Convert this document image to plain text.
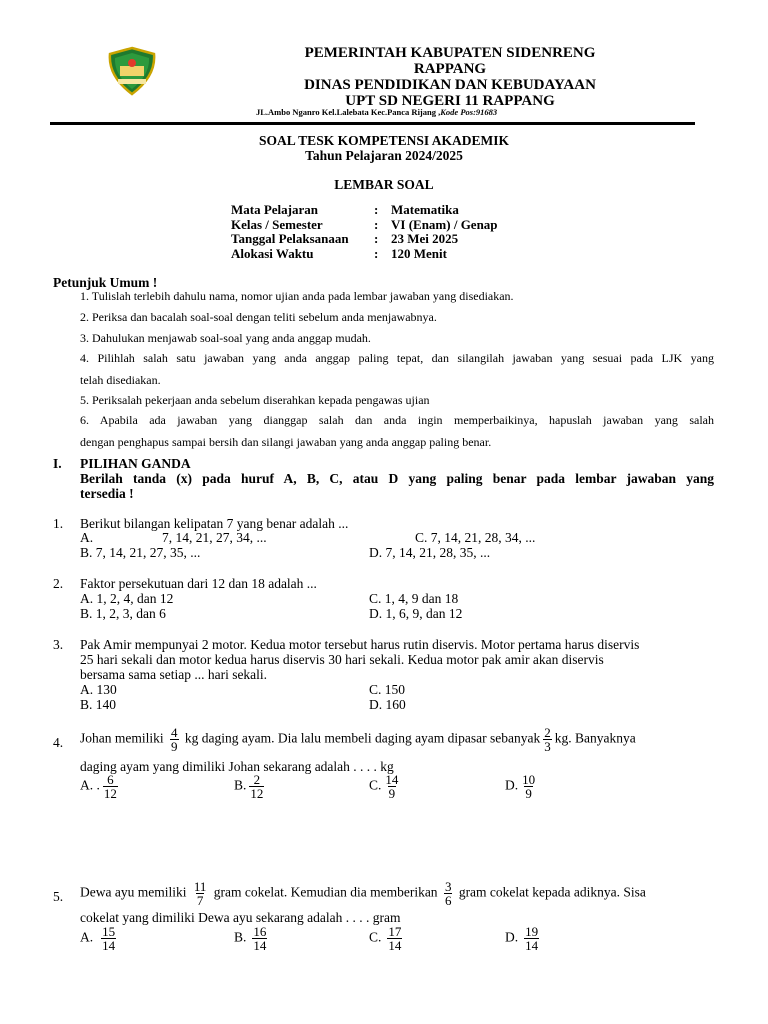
PEMERINTAH KABUPATEN SIDENRENG
RAPPANG
DINAS PENDIDIKAN DAN KEBUDAYAAN
UPT SD NEGERI 11 RAPPANG
JL.Ambo Nganro Kel.Lalebata Kec.Panca Rijang ,Kode Pos:91683
SOAL TESK KOMPETENSI AKADEMIK
Tahun Pelajaran 2024/2025
LEMBAR SOAL
Mata Pelajaran	:	Matematika
Kelas / Semester	:	VI (Enam) / Genap
Tanggal Pelaksanaan	:	23 Mei 2025
Alokasi Waktu	:	120 Menit
Petunjuk Umum !
1. Tulislah terlebih dahulu nama, nomor ujian anda pada lembar jawaban yang disediakan.
2. Periksa dan bacalah soal-soal dengan teliti sebelum anda menjawabnya.
3. Dahulukan menjawab soal-soal yang anda anggap mudah.
4. Pilihlah salah satu jawaban yang anda anggap paling tepat, dan silangilah jawaban yang sesuai pada LJK yang
telah disediakan.
5. Periksalah pekerjaan anda sebelum diserahkan kepada pengawas ujian
6. Apabila ada jawaban yang dianggap salah dan anda ingin memperbaikinya, hapuslah jawaban yang salah
dengan penghapus sampai bersih dan silangi jawaban yang anda anggap paling benar.
I. PILIHAN GANDA
Berilah tanda (x) pada huruf A, B, C, atau D yang paling benar pada lembar jawaban yang
tersedia !
1. Berikut bilangan kelipatan 7 yang benar adalah ...
A.	7, 14, 21, 27, 34, ...	C. 7, 14, 21, 28, 34, ...
B. 7, 14, 21, 27, 35, ...	D. 7, 14, 21, 28, 35, ...
2. Faktor persekutuan dari 12 dan 18 adalah ...
A. 1, 2, 4, dan 12	C. 1, 4, 9 dan 18
B. 1, 2, 3, dan 6	D. 1, 6, 9, dan 12
3. Pak Amir mempunyai 2 motor. Kedua motor tersebut harus rutin diservis. Motor pertama harus diservis
25 hari sekali dan motor kedua harus diservis 30 hari sekali. Kedua motor pak amir akan diservis
bersama sama setiap ... hari sekali.
A. 130	C. 150
B. 140	D. 160
4. Johan memiliki $\frac{4}{9}$ kg daging ayam. Dia lalu membeli daging ayam dipasar sebanyak $\frac{2}{3}$ kg. Banyaknya
daging ayam yang dimiliki Johan sekarang adalah . . . . kg
A. . $\frac{6}{12}$	B. $\frac{2}{12}$	C. $\frac{14}{9}$	D. $\frac{10}{9}$
5. Dewa ayu memiliki $\frac{11}{7}$ gram cokelat. Kemudian dia memberikan $\frac{3}{6}$ gram cokelat kepada adiknya. Sisa
cokelat yang dimiliki Dewa ayu sekarang adalah . . . . gram
A. $\frac{15}{14}$	B. $\frac{16}{14}$	C. $\frac{17}{14}$	D. $\frac{19}{14}$
